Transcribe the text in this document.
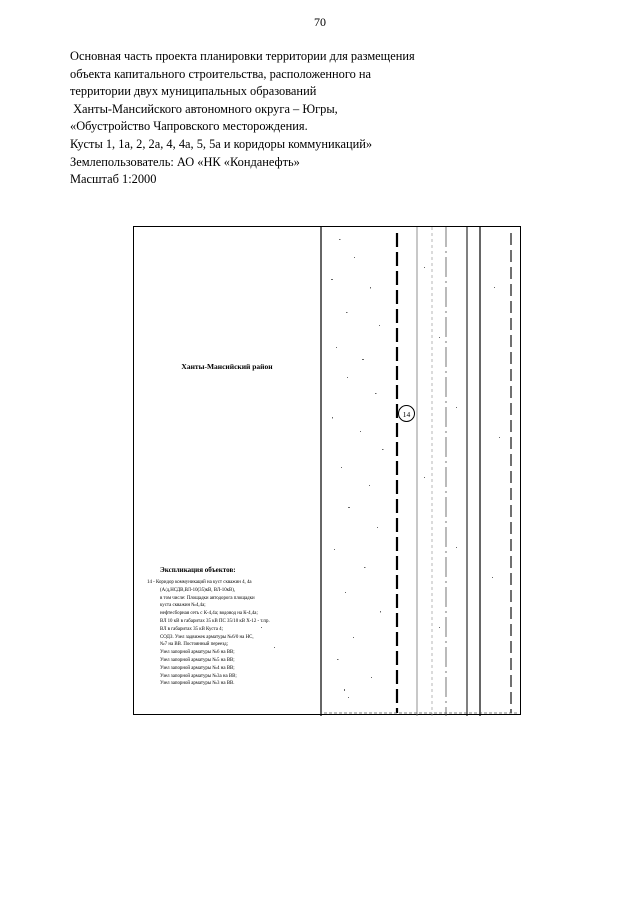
70
Основная часть проекта планировки территории для размещения
объекта капитального строительства, расположенного на
территории двух муниципальных образований
Ханты-Мансийского автономного округа – Югры,
«Обустройство Чапровского месторождения.
Кусты 1, 1а, 2, 2а, 4, 4а, 5, 5а и коридоры коммуникаций»
Землепользователь: АО «НК «Конданефть»
Масштаб 1:2000
Ханты-Мансийский район
14
Экспликация объектов:
14 - Коридор коммуникаций на куст скважин 4, 4а
(А/д,НСДВ,ВЛ-10(35)кВ, ВЛ-10кВ),
в том числе: Площадки автодорога площадки
куста скважин №4,4а;
нефтесборная сеть с К-4,4а; водовод на К-4,4а;
ВЛ 10 кВ в габаритах 35 кВ ПС 35/10 кВ Х-12 - т.пр.
ВЛ в габаритах 35 кВ Куста 4;
СОДЗ. Узел задвижек арматуры №6/0 на НС,
№7 на ВВ. Постоянный переезд;
Узел запорной арматуры №6 на ВВ;
Узел запорной арматуры №5 на ВВ;
Узел запорной арматуры №4 на ВВ;
Узел запорной арматуры №3а на ВВ;
Узел запорной арматуры №3 на ВВ.
